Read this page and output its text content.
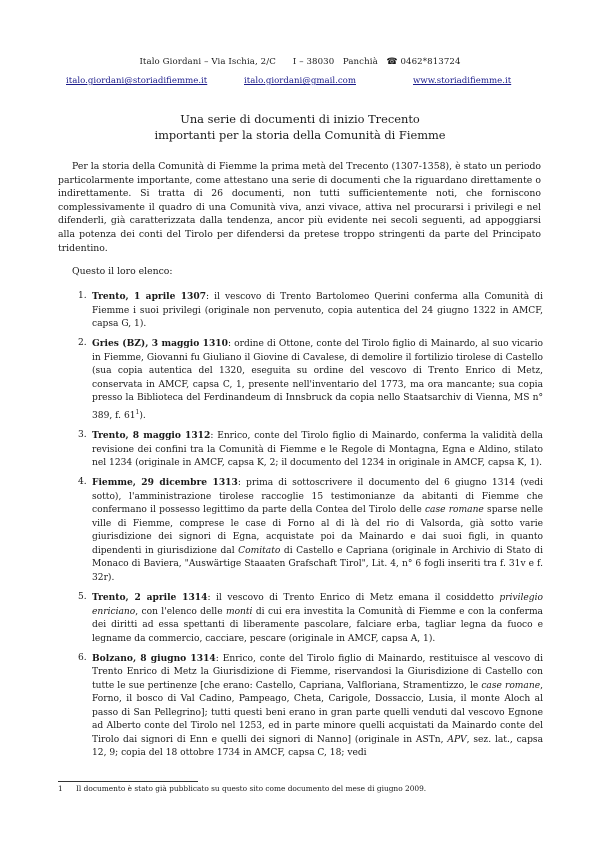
Italo Giordani – Via Ischia, 2/C I – 38030 Panchià ☎ 0462*813724
italo.giordani@storiadifiemme.it	italo.giordani@gmail.com	www.storiadifiemme.it
Una serie di documenti di inizio Trecento
importanti per la storia della Comunità di Fiemme

Per la storia della Comunità di Fiemme la prima metà del Trecento (1307-1358), è stato un periodo particolarmente importante, come attestano una serie di documenti che la riguardano direttamente o indirettamente. Si tratta di 26 documenti, non tutti sufficientemente noti, che forniscono complessivamente il quadro di una Comunità viva, anzi vivace, attiva nel procurarsi i privilegi e nel difenderli, già caratterizzata dalla tendenza, ancor più evidente nei secoli seguenti, ad appoggiarsi alla potenza dei conti del Tirolo per difendersi da pretese troppo stringenti da parte del Principato tridentino.

Questo il loro elenco:
1. Trento, 1 aprile 1307: il vescovo di Trento Bartolomeo Querini conferma alla Comunità di Fiemme i suoi privilegi (originale non pervenuto, copia autentica del 24 giugno 1322 in AMCF, capsa G, 1).
2. Gries (BZ), 3 maggio 1310: ordine di Ottone, conte del Tirolo figlio di Mainardo, al suo vicario in Fiemme, Giovanni fu Giuliano il Giovine di Cavalese, di demolire il fortilizio tirolese di Castello (sua copia autentica del 1320, eseguita su ordine del vescovo di Trento Enrico di Metz, conservata in AMCF, capsa C, 1, presente nell'inventario del 1773, ma ora mancante; sua copia presso la Biblioteca del Ferdinandeum di Innsbruck da copia nello Staatsarchiv di Vienna, MS n° 389, f. $61^1$).
3. Trento, 8 maggio 1312: Enrico, conte del Tirolo figlio di Mainardo, conferma la validità della revisione dei confini tra la Comunità di Fiemme e le Regole di Montagna, Egna e Aldino, stilato nel 1234 (originale in AMCF, capsa K, 2; il documento del 1234 in originale in AMCF, capsa K, 1).
4. Fiemme, 29 dicembre 1313: prima di sottoscrivere il documento del 6 giugno 1314 (vedi sotto), l'amministrazione tirolese raccoglie 15 testimonianze da abitanti di Fiemme che confermano il possesso legittimo da parte della Contea del Tirolo delle case romane sparse nelle ville di Fiemme, comprese le case di Forno al di là del rio di Valsorda, già sotto varie giurisdizione dei signori di Egna, acquistate poi da Mainardo e dai suoi figli, in quanto dipendenti in giurisdizione dal Comitato di Castello e Capriana (originale in Archivio di Stato di Monaco di Baviera, "Auswärtige Staaaten Grafschaft Tirol", Lit. 4, n° 6 fogli inseriti tra f. 31v e f. 32r).
5. Trento, 2 aprile 1314: il vescovo di Trento Enrico di Metz emana il cosiddetto privilegio enriciano, con l'elenco delle monti di cui era investita la Comunità di Fiemme e con la conferma dei diritti ad essa spettanti di liberamente pascolare, falciare erba, tagliar legna da fuoco e legname da commercio, cacciare, pescare (originale in AMCF, capsa A, 1).
6. Bolzano, 8 giugno 1314: Enrico, conte del Tirolo figlio di Mainardo, restituisce al vescovo di Trento Enrico di Metz la Giurisdizione di Fiemme, riservandosi la Giurisdizione di Castello con tutte le sue pertinenze [che erano: Castello, Capriana, Valfloriana, Stramentizzo, le case romane, Forno, il bosco di Val Cadino, Pampeago, Cheta, Carigole, Dossaccio, Lusia, il monte Aloch al passo di San Pellegrino]; tutti questi beni erano in gran parte quelli venduti dal vescovo Egnone ad Alberto conte del Tirolo nel 1253, ed in parte minore quelli acquistati da Mainardo conte del Tirolo dai signori di Enn e quelli dei signori di Nanno] (originale in ASTn, APV, sez. lat., capsa 12, 9; copia del 18 ottobre 1734 in AMCF, capsa C, 18; vedi
1 Il documento è stato già pubblicato su questo sito come documento del mese di giugno 2009.
